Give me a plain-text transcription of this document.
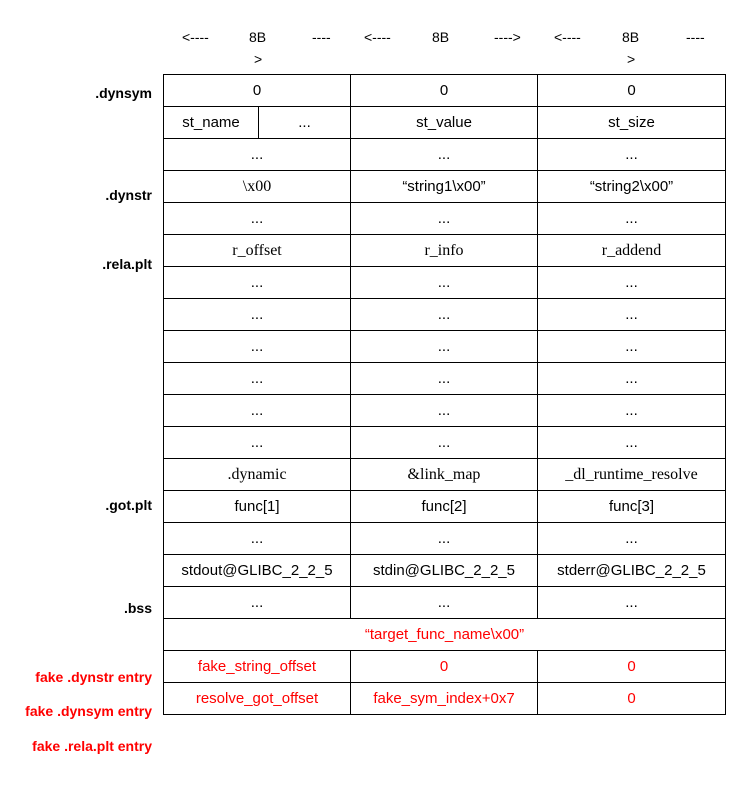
<----	8B	----
>
<----	8B	----> <----	8B	----
>
.dynsym
.dynstr
.rela.plt
.got.plt
.bss
fake .dynstr entry
fake .dynsym entry
fake .rela.plt entry
0		0	0
st_name	...	st_value	st_size
...		...	...
\x00		“string1\x00”	“string2\x00”
...		...	...
r_offset		r_info	r_addend
...		...	...
...		...	...
...		...	...
...		...	...
...		...	...
...		...	...
.dynamic		&link_map	_dl_runtime_resolve
func[1]		func[2]	func[3]
...		...	...
stdout@GLIBC_2_2_5		stdin@GLIBC_2_2_5	stderr@GLIBC_2_2_5
...		...	...
“target_func_name\x00”			
fake_string_offset		0	0
resolve_got_offset		fake_sym_index+0x7	0
